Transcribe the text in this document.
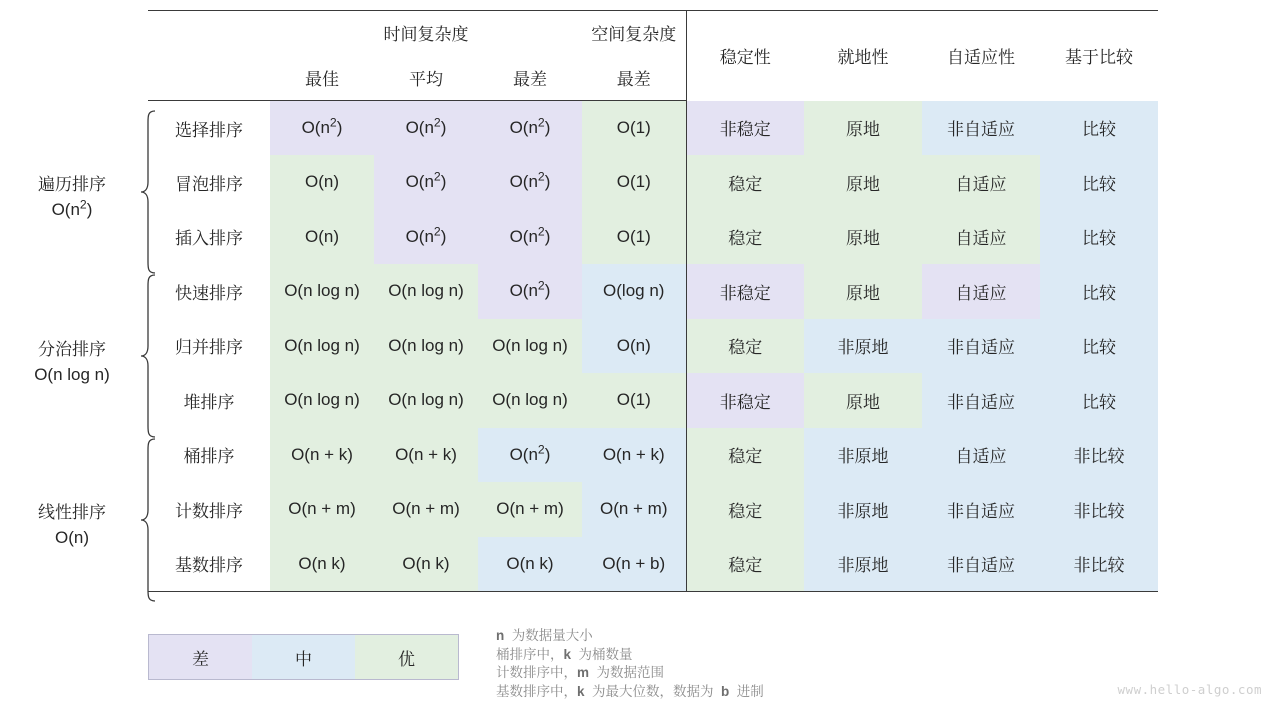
遍历排序
$O(n^2)$
分治排序
O(n log n)
线性排序
O(n)
	时间复杂度			空间复杂度	稳定性	就地性	自适应性	基于比较
	最佳	平均	最差	最差				
选择排序	$O(n^2)$	$O(n^2)$	$O(n^2)$	O(1)	非稳定	原地	非自适应	比较
冒泡排序	O(n)	$O(n^2)$	$O(n^2)$	O(1)	稳定	原地	自适应	比较
插入排序	O(n)	$O(n^2)$	$O(n^2)$	O(1)	稳定	原地	自适应	比较
快速排序	O(n log n)	O(n log n)	$O(n^2)$	O(log n)	非稳定	原地	自适应	比较
归并排序	O(n log n)	O(n log n)	O(n log n)	O(n)	稳定	非原地	非自适应	比较
堆排序	O(n log n)	O(n log n)	O(n log n)	O(1)	非稳定	原地	非自适应	比较
桶排序	O(n + k)	O(n + k)	$O(n^2)$	O(n + k)	稳定	非原地	自适应	非比较
计数排序	O(n + m)	O(n + m)	O(n + m)	O(n + m)	稳定	非原地	非自适应	非比较
基数排序	O(n k)	O(n k)	O(n k)	O(n + b)	稳定	非原地	非自适应	非比较
差	中	优
n  为数据量大小
桶排序中，k  为桶数量
计数排序中，m  为数据范围
基数排序中，k  为最大位数，数据为  b  进制	www.hello-algo.com
